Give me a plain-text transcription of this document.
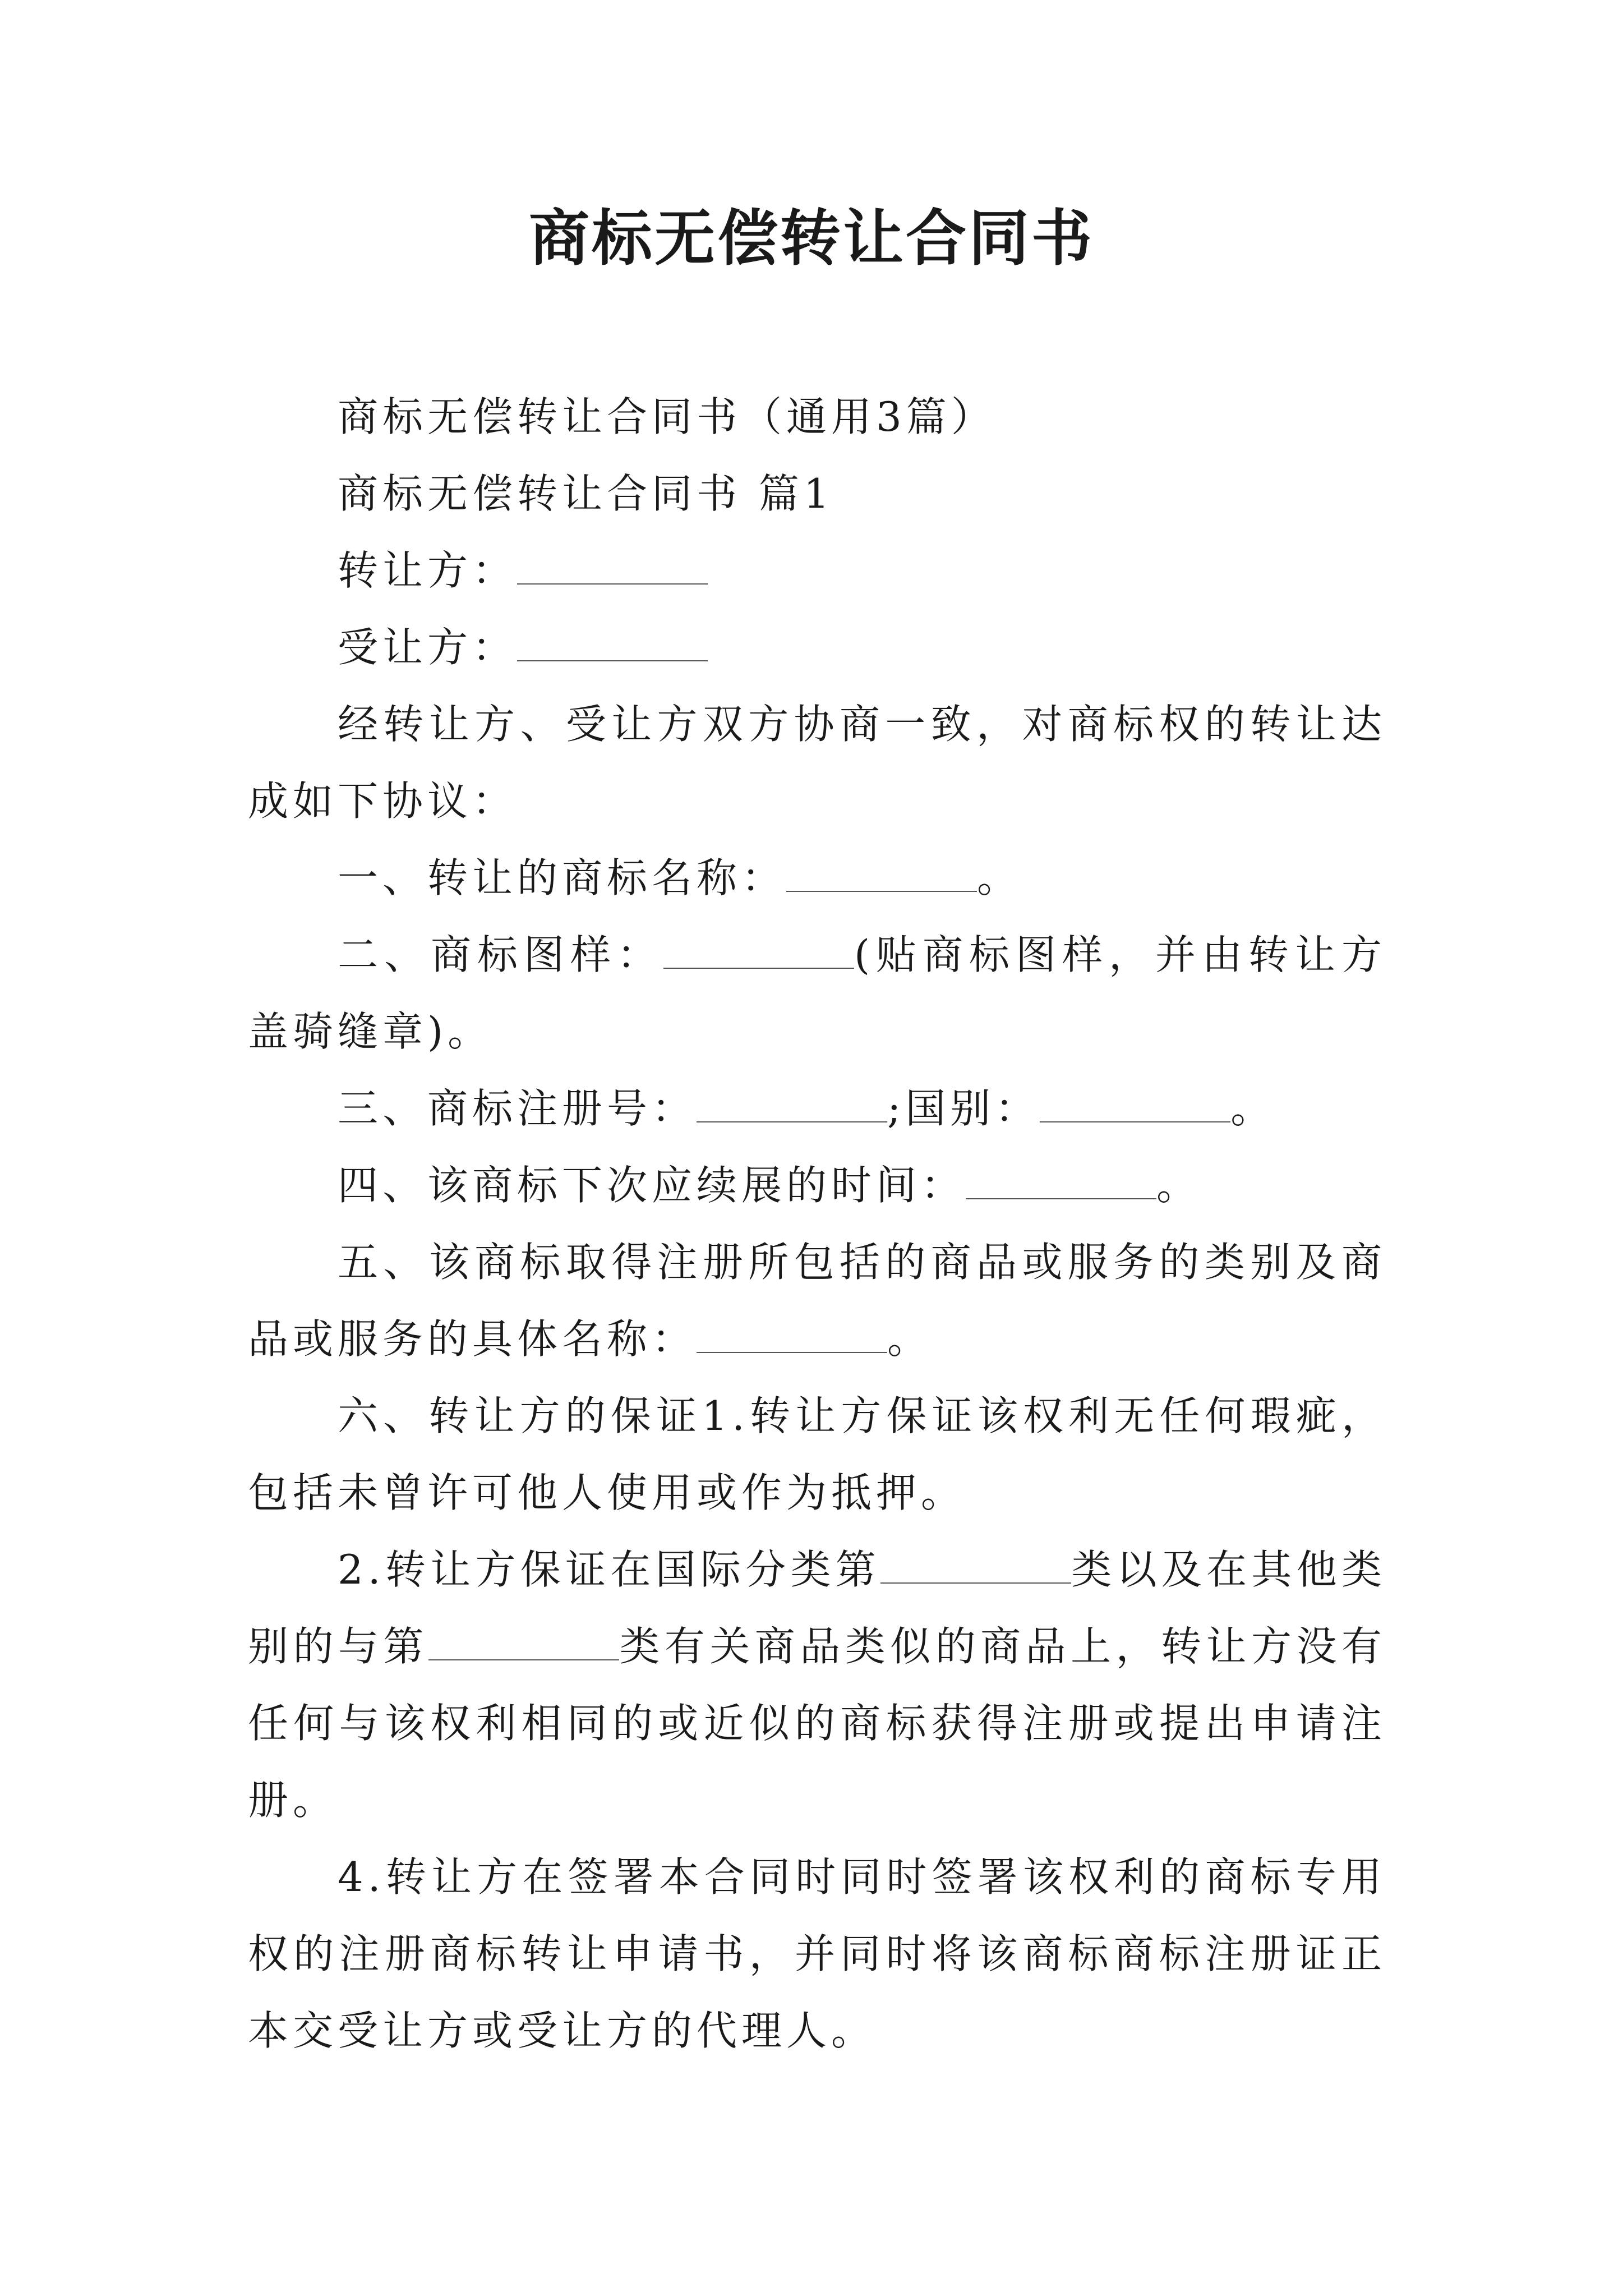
商标无偿转让合同书

商标无偿转让合同书（通用3篇）

商标无偿转让合同书 篇1

转让方：

受让方：

经转让方、受让方双方协商一致，对商标权的转让达成如下协议：

一、转让的商标名称：	。

二、商标图样：	(贴商标图样，并由转让方盖骑缝章)。

三、商标注册号：	;国别：	。

四、该商标下次应续展的时间：	。

五、该商标取得注册所包括的商品或服务的类别及商品或服务的具体名称：	。

六、转让方的保证1.转让方保证该权利无任何瑕疵，包括未曾许可他人使用或作为抵押。

2.转让方保证在国际分类第	类以及在其他类别的与第	类有关商品类似的商品上，转让方没有任何与该权利相同的或近似的商标获得注册或提出申请注册。

4.转让方在签署本合同时同时签署该权利的商标专用权的注册商标转让申请书，并同时将该商标商标注册证正本交受让方或受让方的代理人。
